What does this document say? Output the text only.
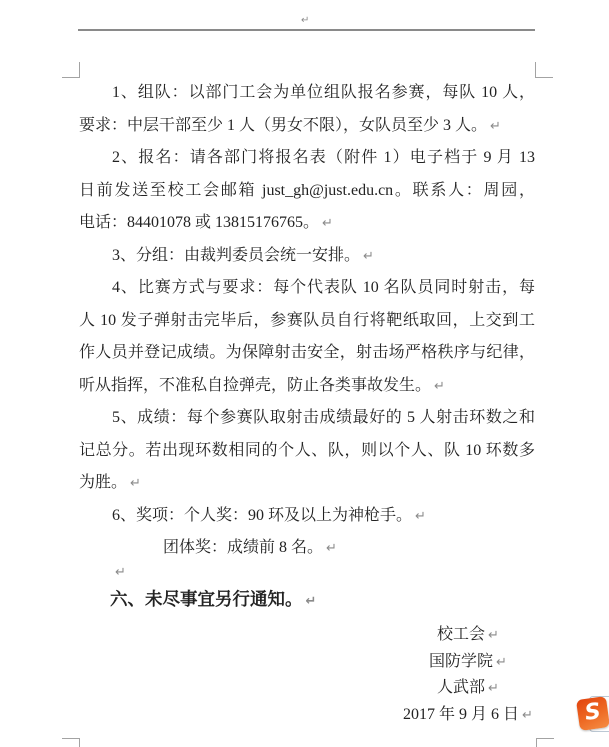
↵
1、组队：以部门工会为单位组队报名参赛，每队 10 人，
要求：中层干部至少 1 人（男女不限），女队员至少 3 人。 ↵
2、报名：请各部门将报名表（附件 1）电子档于 9 月 13
日前发送至校工会邮箱 just_gh@just.edu.cn。联系人：周园，
电话：84401078 或 13815176765。 ↵
3、分组：由裁判委员会统一安排。 ↵
4、比赛方式与要求：每个代表队 10 名队员同时射击，每
人 10 发子弹射击完毕后，参赛队员自行将靶纸取回，上交到工
作人员并登记成绩。为保障射击安全，射击场严格秩序与纪律，
听从指挥，不准私自捡弹壳，防止各类事故发生。 ↵
5、成绩：每个参赛队取射击成绩最好的 5 人射击环数之和
记总分。若出现环数相同的个人、队，则以个人、队 10 环数多
为胜。 ↵
6、奖项：个人奖：90 环及以上为神枪手。 ↵
团体奖：成绩前 8 名。 ↵
↵
六、未尽事宜另行通知。 ↵
校工会 ↵
国防学院 ↵
人武部 ↵
2017 年 9 月 6 日 ↵	S
